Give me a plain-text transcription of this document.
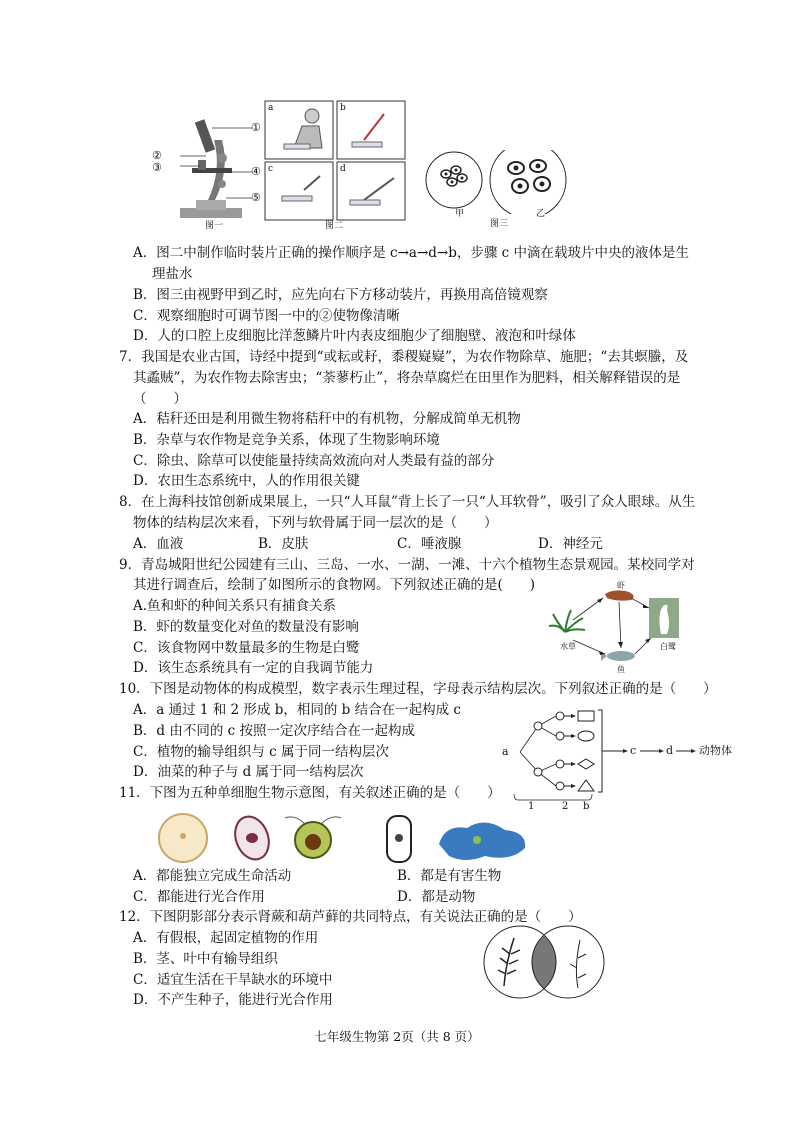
①
②
③	④
⑤
图一
a	b
c	d
图二
甲	乙
图三
A．图二中制作临时装片正确的操作顺序是 c→a→d→b，步骤 c 中滴在载玻片中央的液体是生
理盐水
B．图三由视野甲到乙时，应先向右下方移动装片，再换用高倍镜观察
C．观察细胞时可调节图一中的②使物像清晰
D．人的口腔上皮细胞比洋葱鳞片叶内表皮细胞少了细胞壁、液泡和叶绿体
7．我国是农业古国，诗经中提到“或耘或耔，黍稷嶷嶷”，为农作物除草、施肥；“去其螟螣，及
其蟊贼”，为农作物去除害虫；“荼蓼朽止”，将杂草腐烂在田里作为肥料，相关解释错误的是
（　　）
A．秸秆还田是利用微生物将秸秆中的有机物，分解成简单无机物
B．杂草与农作物是竞争关系，体现了生物影响环境
C．除虫、除草可以使能量持续高效流向对人类最有益的部分
D．农田生态系统中，人的作用很关键
8．在上海科技馆创新成果展上，一只“人耳鼠”背上长了一只“人耳软骨”，吸引了众人眼球。从生
物体的结构层次来看，下列与软骨属于同一层次的是（　　）
A．血液	B．皮肤	C．唾液腺	D．神经元
9．青岛城阳世纪公园建有三山、三岛、一水、一湖、一滩、十六个植物生态景观园。某校同学对
其进行调查后，绘制了如图所示的食物网。下列叙述正确的是(　　)
A.鱼和虾的种间关系只有捕食关系
B．虾的数量变化对鱼的数量没有影响
C．该食物网中数量最多的生物是白鹭
D．该生态系统具有一定的自我调节能力
虾
水草
鱼
白鹭
10．下图是动物体的构成模型，数字表示生理过程，字母表示结构层次。下列叙述正确的是（　　）
A．a 通过 1 和 2 形成 b，相同的 b 结合在一起构成 c
B．d 由不同的 c 按照一定次序结合在一起构成
C．植物的输导组织与 c 属于同一结构层次
D．油菜的种子与 d 属于同一结构层次
a	c	d 动物体
1	2 b
11．下图为五种单细胞生物示意图，有关叙述正确的是（　　）
A．都能独立完成生命活动	B．都是有害生物
C．都能进行光合作用	D．都是动物
12．下图阴影部分表示肾蕨和葫芦藓的共同特点，有关说法正确的是（　　）
A．有假根，起固定植物的作用
B．茎、叶中有输导组织
C．适宜生活在干旱缺水的环境中
D．不产生种子，能进行光合作用
七年级生物第 2页（共 8 页）
